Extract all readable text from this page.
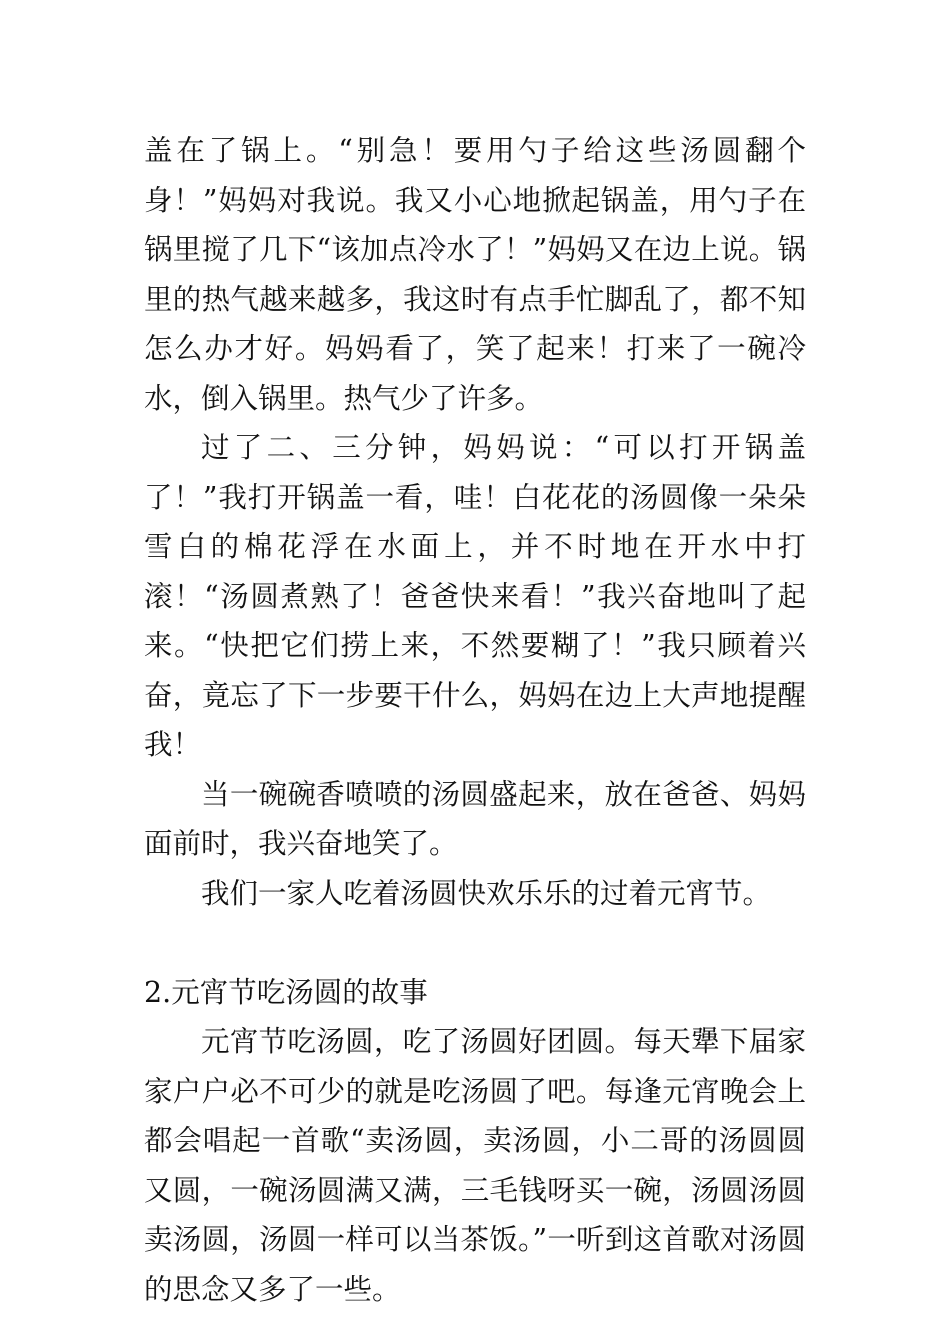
盖在了锅上。“别急！要用勺子给这些汤圆翻个身！”妈妈对我说。我又小心地掀起锅盖，用勺子在锅里搅了几下“该加点冷水了！”妈妈又在边上说。锅里的热气越来越多，我这时有点手忙脚乱了，都不知怎么办才好。妈妈看了，笑了起来！打来了一碗冷水，倒入锅里。热气少了许多。

过了二、三分钟，妈妈说：“可以打开锅盖了！”我打开锅盖一看，哇！白花花的汤圆像一朵朵雪白的棉花浮在水面上，并不时地在开水中打滚！“汤圆煮熟了！爸爸快来看！”我兴奋地叫了起来。“快把它们捞上来，不然要糊了！”我只顾着兴奋，竟忘了下一步要干什么，妈妈在边上大声地提醒我！

当一碗碗香喷喷的汤圆盛起来，放在爸爸、妈妈面前时，我兴奋地笑了。

我们一家人吃着汤圆快欢乐乐的过着元宵节。

2.元宵节吃汤圆的故事

元宵节吃汤圆，吃了汤圆好团圆。每天犟下届家家户户必不可少的就是吃汤圆了吧。每逢元宵晚会上都会唱起一首歌“卖汤圆，卖汤圆，小二哥的汤圆圆又圆，一碗汤圆满又满，三毛钱呀买一碗，汤圆汤圆卖汤圆，汤圆一样可以当茶饭。”一听到这首歌对汤圆的思念又多了一些。
